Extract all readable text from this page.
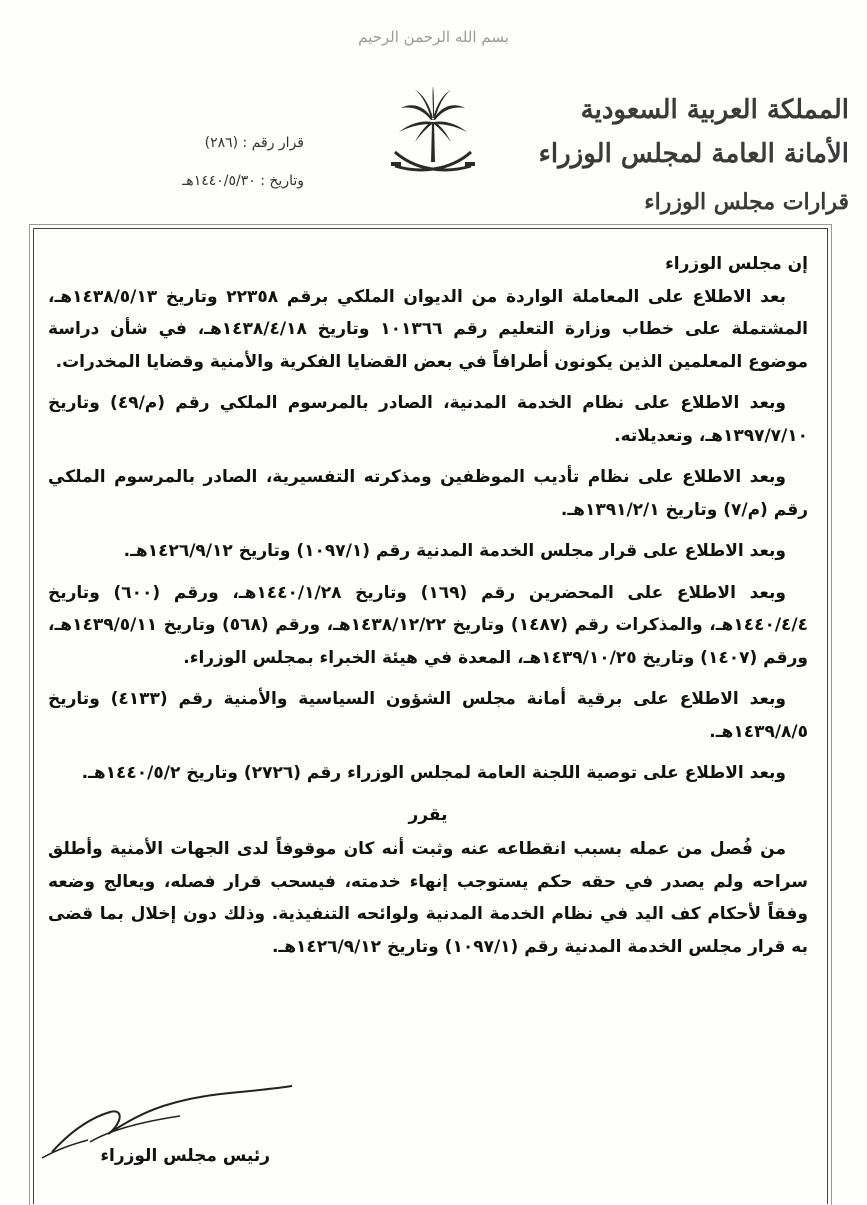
بسم الله الرحمن الرحيم
المملكة العربية السعودية
الأمانة العامة لمجلس الوزراء
قرارات مجلس الوزراء
قرار رقم : (٢٨٦)
وتاريخ : ١٤٤٠/٥/٣٠هـ

إن مجلس الوزراء

بعد الاطلاع على المعاملة الواردة من الديوان الملكي برقم ٢٢٣٥٨ وتاريخ ١٤٣٨/٥/١٣هـ، المشتملة على خطاب وزارة التعليم رقم ١٠١٣٦٦ وتاريخ ١٤٣٨/٤/١٨هـ، في شأن دراسة موضوع المعلمين الذين يكونون أطرافاً في بعض القضايا الفكرية والأمنية وقضايا المخدرات.

وبعد الاطلاع على نظام الخدمة المدنية، الصادر بالمرسوم الملكي رقم (م/٤٩) وتاريخ ١٣٩٧/٧/١٠هـ، وتعديلاته.

وبعد الاطلاع على نظام تأديب الموظفين ومذكرته التفسيرية، الصادر بالمرسوم الملكي رقم (م/٧) وتاريخ ١٣٩١/٢/١هـ.

وبعد الاطلاع على قرار مجلس الخدمة المدنية رقم (١٠٩٧/١) وتاريخ ١٤٢٦/٩/١٢هـ.

وبعد الاطلاع على المحضرين رقم (١٦٩) وتاريخ ١٤٤٠/١/٢٨هـ، ورقم (٦٠٠) وتاريخ ١٤٤٠/٤/٤هـ، والمذكرات رقم (١٤٨٧) وتاريخ ١٤٣٨/١٢/٢٢هـ، ورقم (٥٦٨) وتاريخ ١٤٣٩/٥/١١هـ، ورقم (١٤٠٧) وتاريخ ١٤٣٩/١٠/٢٥هـ، المعدة في هيئة الخبراء بمجلس الوزراء.

وبعد الاطلاع على برقية أمانة مجلس الشؤون السياسية والأمنية رقم (٤١٣٣) وتاريخ ١٤٣٩/٨/٥هـ.

وبعد الاطلاع على توصية اللجنة العامة لمجلس الوزراء رقم (٢٧٢٦) وتاريخ ١٤٤٠/٥/٢هـ.

يقرر

من فُصل من عمله بسبب انقطاعه عنه وثبت أنه كان موقوفاً لدى الجهات الأمنية وأطلق سراحه ولم يصدر في حقه حكم يستوجب إنهاء خدمته، فيسحب قرار فصله، ويعالج وضعه وفقاً لأحكام كف اليد في نظام الخدمة المدنية ولوائحه التنفيذية. وذلك دون إخلال بما قضى به قرار مجلس الخدمة المدنية رقم (١٠٩٧/١) وتاريخ ١٤٢٦/٩/١٢هـ.

رئيس مجلس الوزراء
